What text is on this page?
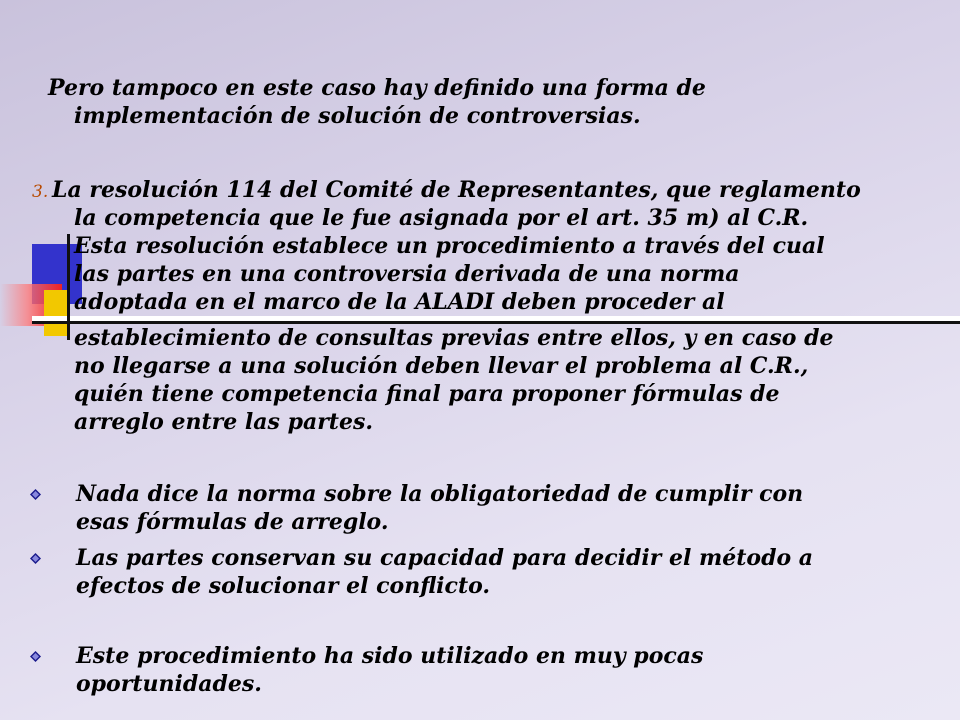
Pero tampoco en este caso hay definido una forma de
implementación de solución de controversias.
3. La resolución 114 del Comité de Representantes, que reglamento
la competencia que le fue asignada por el art. 35 m) al C.R.
Esta resolución establece un procedimiento a través del cual
las partes en una controversia derivada de una norma
adoptada en el marco de la ALADI deben proceder al
establecimiento de consultas previas entre ellos, y en caso de
no llegarse a una solución deben llevar el problema al C.R.,
quién tiene competencia final para proponer fórmulas de
arreglo entre las partes.
Nada dice la norma sobre la obligatoriedad de cumplir con
esas fórmulas de arreglo.
Las partes conservan su capacidad para decidir el método a
efectos de solucionar el conflicto.
Este procedimiento ha sido utilizado en muy pocas
oportunidades.
